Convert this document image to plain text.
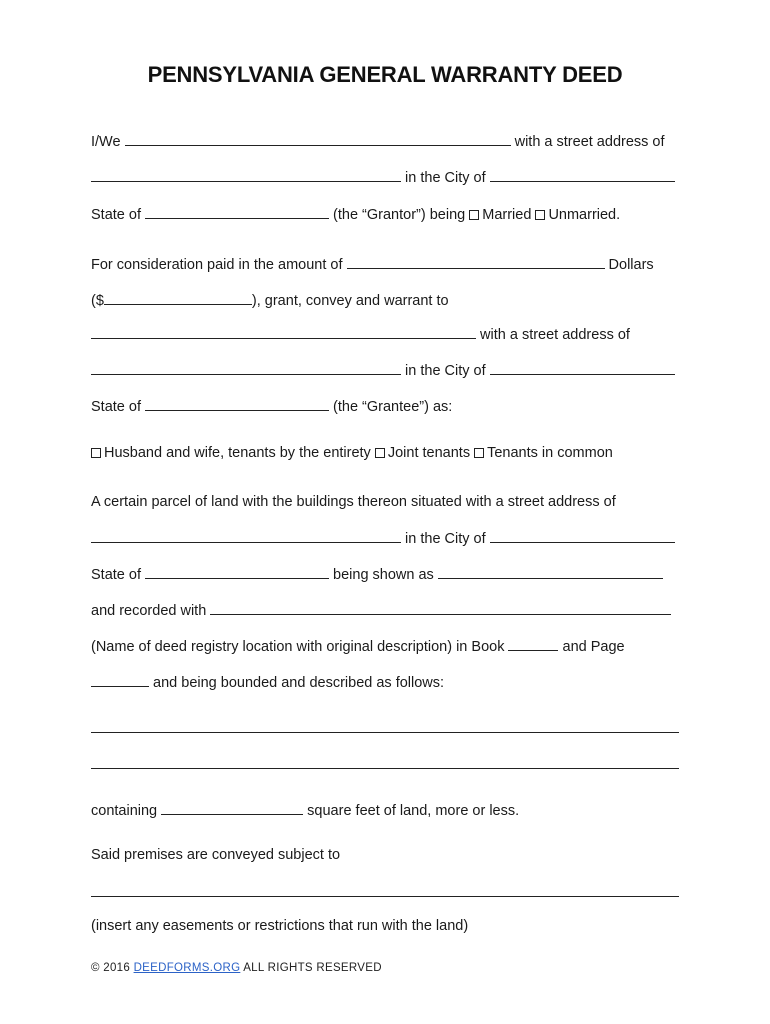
PENNSYLVANIA GENERAL WARRANTY DEED
I/We	with a street address of
in the City of
State of	(the “Grantor”) being Married Unmarried.
For consideration paid in the amount of	Dollars
($	), grant, convey and warrant to
with a street address of
in the City of
State of	(the “Grantee”) as:
Husband and wife, tenants by the entirety Joint tenants Tenants in common
A certain parcel of land with the buildings thereon situated with a street address of
in the City of
State of	being shown as
and recorded with
(Name of deed registry location with original description) in Book	and Page
and being bounded and described as follows:
containing	square feet of land, more or less.
Said premises are conveyed subject to
(insert any easements or restrictions that run with the land)
© 2016 DEEDFORMS.ORG ALL RIGHTS RESERVED
